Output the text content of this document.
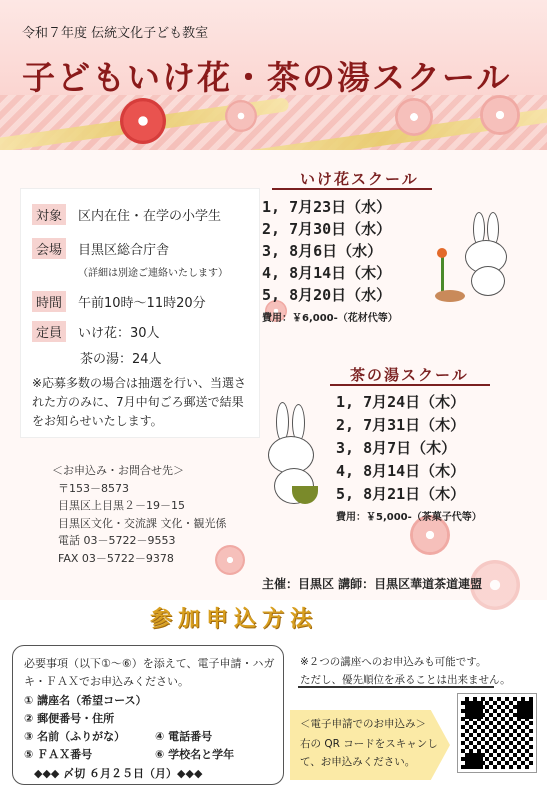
令和７年度 伝統文化子ども教室
子どもいけ花・茶の湯スクール
対象 区内在住・在学の小学生
会場 目黒区総合庁舎
（詳細は別途ご連絡いたします）
時間 午前10時～11時20分
定員 いけ花：30人
茶の湯：24人
※応募多数の場合は抽選を行い、当選さ
れた方のみに、7月中旬ごろ郵送で結果
をお知らせいたします。
＜お申込み・お問合せ先＞
〒153－8573
目黒区上目黒２－19－15
目黒区文化・交流課 文化・観光係
電話 03－5722－9553
FAX 03－5722－9378
いけ花スクール
1, 7月23日（水）
2, 7月30日（水）
3, 8月6日（水）
4, 8月14日（木）
5, 8月20日（水）
費用：￥6,000-（花材代等）
茶の湯スクール
1, 7月24日（木）
2, 7月31日（木）
3, 8月7日（木）
4, 8月14日（木）
5, 8月21日（木）
費用：￥5,000-（茶菓子代等）
主催：目黒区 講師：目黒区華道茶道連盟
参加申込方法
必要事項（以下①～⑥）を添えて、電子申請・ハガ
キ・ＦＡＸでお申込みください。
① 講座名（希望コース）
② 郵便番号・住所
③ 名前（ふりがな）	④ 電話番号
⑤ ＦＡＸ番号	⑥ 学校名と学年
◆◆◆ 〆切 ６月２５日（月）◆◆◆
※２つの講座へのお申込みも可能です。
ただし、優先順位を承ることは出来ません。
＜電子申請でのお申込み＞
右の QR コードをスキャンし
て、お申込みください。
